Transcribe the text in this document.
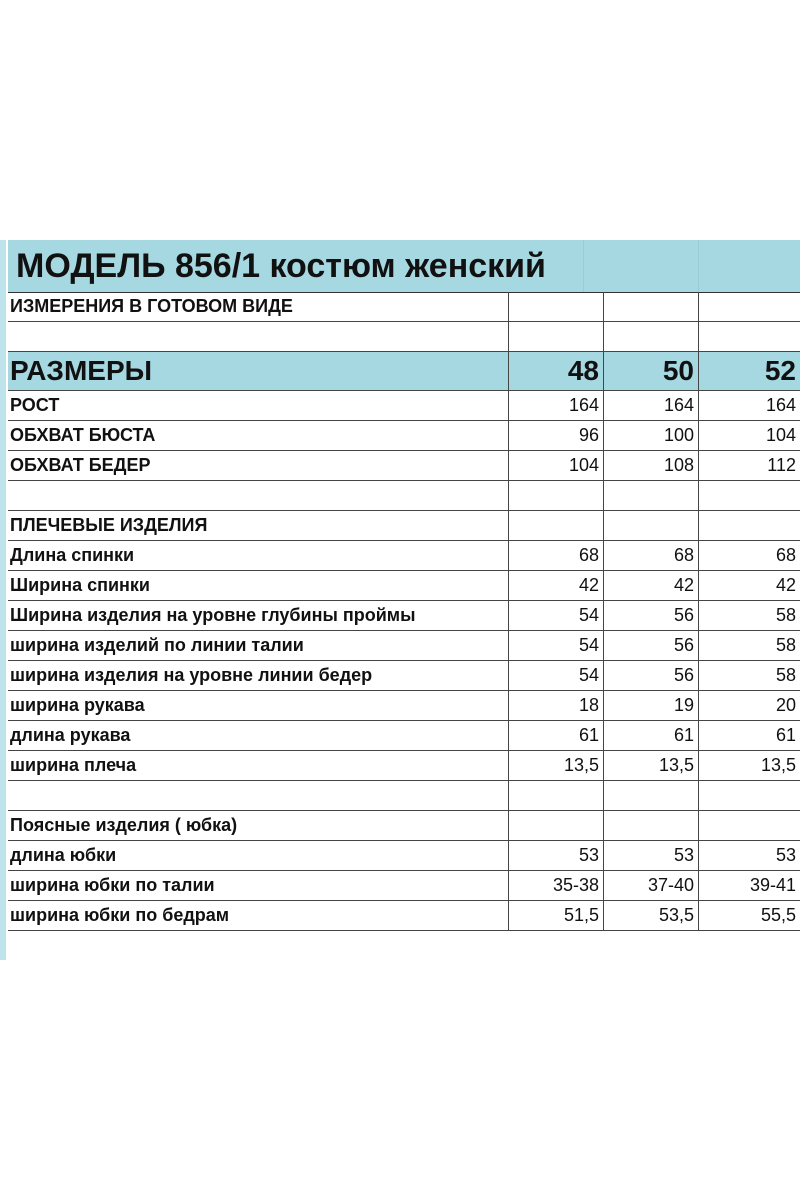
МОДЕЛЬ 856/1 костюм женский
ИЗМЕРЕНИЯ В ГОТОВОМ ВИДЕ
РАЗМЕРЫ	48	50	52
РОСТ	164	164	164
ОБХВАТ БЮСТА	96	100	104
ОБХВАТ БЕДЕР	104	108	112
ПЛЕЧЕВЫЕ ИЗДЕЛИЯ
Длина спинки	68	68	68
Ширина спинки	42	42	42
Ширина изделия на уровне глубины проймы	54	56	58
ширина изделий по линии талии	54	56	58
ширина изделия на уровне линии бедер	54	56	58
ширина рукава	18	19	20
длина рукава	61	61	61
ширина плеча	13,5	13,5	13,5
Поясные изделия ( юбка)
длина юбки	53	53	53
ширина юбки по талии	35-38	37-40	39-41
ширина юбки по бедрам	51,5	53,5	55,5
